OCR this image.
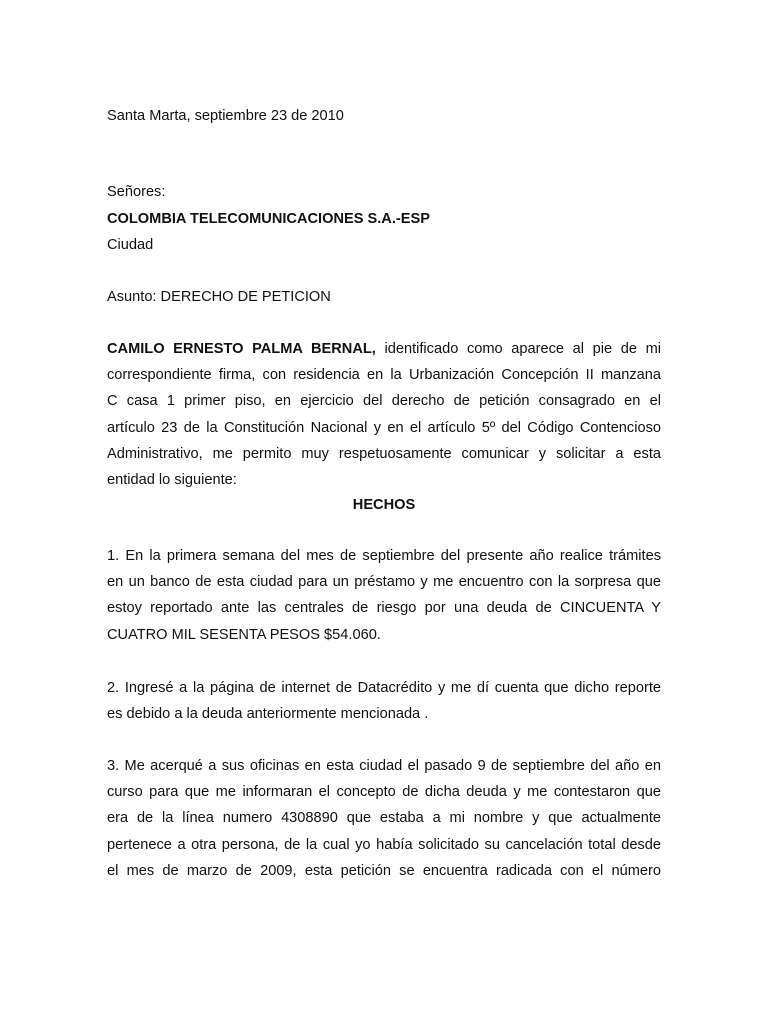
Santa Marta, septiembre 23 de 2010
Señores:
COLOMBIA TELECOMUNICACIONES S.A.-ESP
Ciudad
Asunto: DERECHO DE PETICION
CAMILO ERNESTO PALMA BERNAL, identificado como aparece al pie de mi
correspondiente firma, con residencia en la Urbanización Concepción II manzana
C casa 1 primer piso, en ejercicio del derecho de petición consagrado en el
artículo 23 de la Constitución Nacional y en el artículo 5º del Código Contencioso
Administrativo, me permito muy respetuosamente comunicar y solicitar a esta
entidad lo siguiente:
HECHOS
1. En la primera semana del mes de septiembre del presente año realice trámites
en un banco de esta ciudad para un préstamo y me encuentro con la sorpresa que
estoy reportado ante las centrales de riesgo por una deuda de CINCUENTA Y
CUATRO MIL SESENTA PESOS $54.060.
2. Ingresé a la página de internet de Datacrédito y me dí cuenta que dicho reporte
es debido a la deuda anteriormente mencionada .
3. Me acerqué a sus oficinas en esta ciudad el pasado 9 de septiembre del año en
curso para que me informaran el concepto de dicha deuda y me contestaron que
era de la línea numero 4308890 que estaba a mi nombre y que actualmente
pertenece a otra persona, de la cual yo había solicitado su cancelación total desde
el mes de marzo de 2009, esta petición se encuentra radicada con el número
